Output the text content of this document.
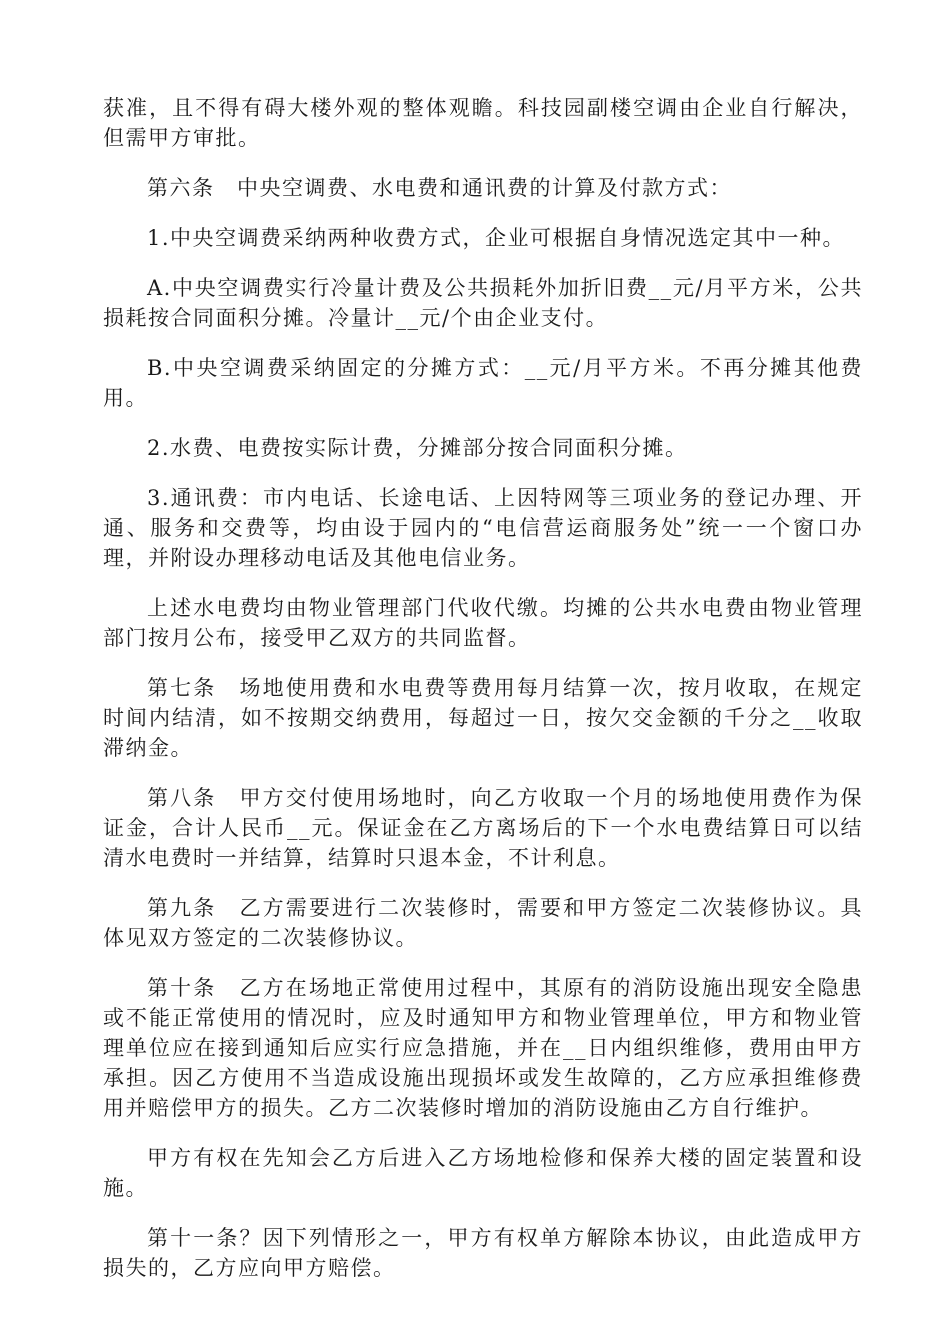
获准，且不得有碍大楼外观的整体观瞻。科技园副楼空调由企业自行解决，但需甲方审批。

第六条　中央空调费、水电费和通讯费的计算及付款方式：

1.中央空调费采纳两种收费方式，企业可根据自身情况选定其中一种。

A.中央空调费实行冷量计费及公共损耗外加折旧费__元/月平方米，公共损耗按合同面积分摊。冷量计__元/个由企业支付。

B.中央空调费采纳固定的分摊方式：__元/月平方米。不再分摊其他费用。

2.水费、电费按实际计费，分摊部分按合同面积分摊。

3.通讯费：市内电话、长途电话、上因特网等三项业务的登记办理、开通、服务和交费等，均由设于园内的“电信营运商服务处”统一一个窗口办理，并附设办理移动电话及其他电信业务。

上述水电费均由物业管理部门代收代缴。均摊的公共水电费由物业管理部门按月公布，接受甲乙双方的共同监督。

第七条　场地使用费和水电费等费用每月结算一次，按月收取，在规定时间内结清，如不按期交纳费用，每超过一日，按欠交金额的千分之__收取滞纳金。

第八条　甲方交付使用场地时，向乙方收取一个月的场地使用费作为保证金，合计人民币__元。保证金在乙方离场后的下一个水电费结算日可以结清水电费时一并结算，结算时只退本金，不计利息。

第九条　乙方需要进行二次装修时，需要和甲方签定二次装修协议。具体见双方签定的二次装修协议。

第十条　乙方在场地正常使用过程中，其原有的消防设施出现安全隐患或不能正常使用的情况时，应及时通知甲方和物业管理单位，甲方和物业管理单位应在接到通知后应实行应急措施，并在__日内组织维修，费用由甲方承担。因乙方使用不当造成设施出现损坏或发生故障的，乙方应承担维修费用并赔偿甲方的损失。乙方二次装修时增加的消防设施由乙方自行维护。

甲方有权在先知会乙方后进入乙方场地检修和保养大楼的固定装置和设施。

第十一条？因下列情形之一，甲方有权单方解除本协议，由此造成甲方损失的，乙方应向甲方赔偿。
